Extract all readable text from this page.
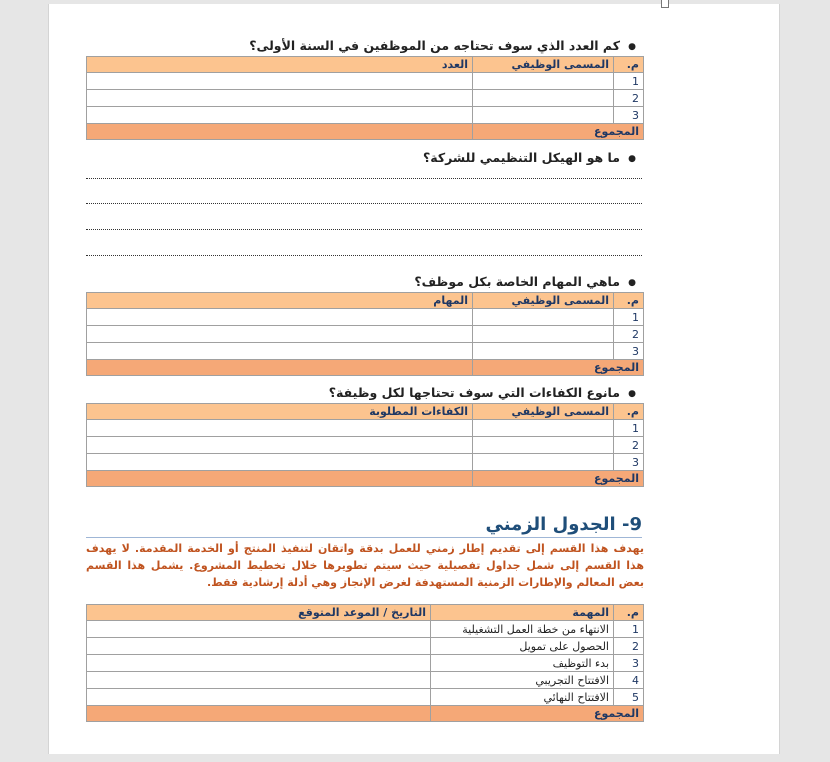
●كم العدد الذي سوف تحتاجه من الموظفين في السنة الأولى؟
م.	المسمى الوظيفي	العدد
1		
2		
3		
المجموع		
●ما هو الهيكل التنظيمي للشركة؟
●ماهي المهام الخاصة بكل موظف؟
م.	المسمى الوظيفي	المهام
1		
2		
3		
المجموع		
●مانوع الكفاءات التي سوف تحتاجها لكل وظيفة؟
م.	المسمى الوظيفي	الكفاءات المطلوبة
1		
2		
3		
المجموع		
9- الجدول الزمني
يهدف هذا القسم إلى تقديم إطار زمني للعمل بدقة واتقان لتنفيذ المنتج أو الخدمة المقدمة. لا يهدف هذا القسم إلى شمل جداول تفصيلية حيث سيتم تطويرها خلال تخطيط المشروع. يشمل هذا القسم بعض المعالم والإطارات الزمنية المستهدفة لغرض الإنجاز وهي أدلة إرشادية فقط.
م.	المهمة	التاريخ / الموعد المتوقع
1	الانتهاء من خطة العمل التشغيلية	
2	الحصول على تمويل	
3	بدء التوظيف	
4	الافتتاح التجريبي	
5	الافتتاح النهائي	
المجموع		
